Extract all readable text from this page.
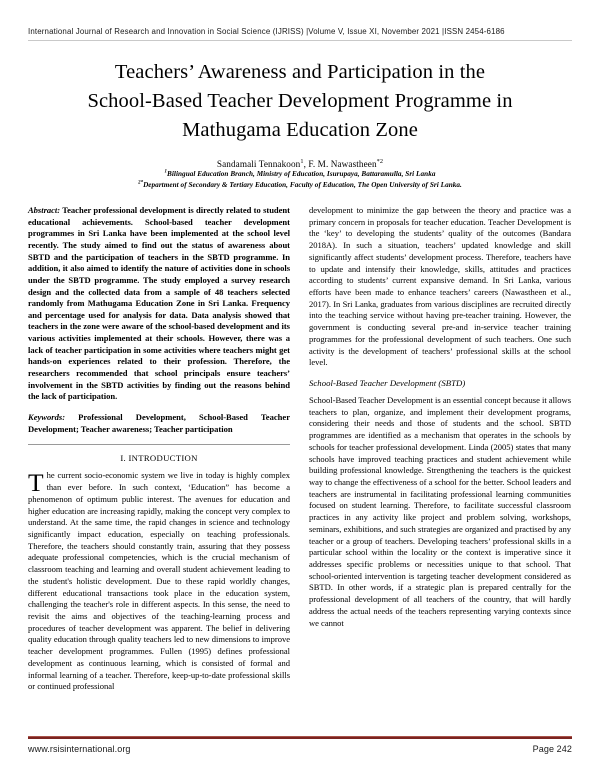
International Journal of Research and Innovation in Social Science (IJRISS) |Volume V, Issue XI, November 2021 |ISSN 2454-6186
Teachers’ Awareness and Participation in the
School-Based Teacher Development Programme in
Mathugama Education Zone
Sandamali Tennakoon$^1$, F. M. Nawastheen$^{*2}$
$^1$Bilingual Education Branch, Ministry of Education, Isurupaya, Battaramulla, Sri Lanka
$^{2*}$Department of Secondary & Tertiary Education, Faculty of Education, The Open University of Sri Lanka.

Abstract: Teacher professional development is directly related to student educational achievements. School-based teacher development programmes in Sri Lanka have been implemented at the school level recently. The study aimed to find out the status of awareness about SBTD and the participation of teachers in the SBTD programme. In addition, it also aimed to identify the nature of activities done in schools under the SBTD programme. The study employed a survey research design and the collected data from a sample of 48 teachers selected randomly from Mathugama Education Zone in Sri Lanka. Frequency and percentage used for analysis for data. Data analysis showed that teachers in the zone were aware of the school-based development and its various activities implemented at their schools. However, there was a lack of teacher participation in some activities where teachers might get hands-on experiences related to their profession. Therefore, the researchers recommended that school principals ensure teachers’ involvement in the SBTD activities by finding out the reasons behind the lack of participation.

Keywords: Professional Development, School-Based Teacher Development; Teacher awareness; Teacher participation

I. INTRODUCTION

The current socio-economic system we live in today is highly complex than ever before. In such context, ‘Education” has become a phenomenon of optimum public interest. The avenues for education and higher education are increasing rapidly, making the concept very complex to understand. At the same time, the rapid changes in science and technology significantly impact education, especially on teaching professionals. Therefore, the teachers should constantly train, assuring that they possess adequate professional competencies, which is the crucial mechanism of classroom teaching and learning and overall student achievement leading to the student's holistic development. Due to these rapid worldly changes, different educational transactions took place in the education system, challenging the teacher's role in different aspects. In this sense, the need to revisit the aims and objectives of the teaching-learning process and procedures of teacher development was apparent. The belief in delivering quality education through quality teachers led to new dimensions to improve teacher development programmes. Fullen (1995) defines professional development as continuous learning, which is consisted of formal and informal learning of a teacher. Therefore, keep-up-to-date professional skills or continued professional

development to minimize the gap between the theory and practice was a primary concern in proposals for teacher education. Teacher Development is the ‘key’ to developing the students’ quality of the outcomes (Bandara 2018A). In such a situation, teachers’ updated knowledge and skill significantly affect students’ development process. Therefore, teachers have to update and intensify their knowledge, skills, attitudes and practices according to students’ current expansive demand. In Sri Lanka, various efforts have been made to enhance teachers’ careers (Nawastheen et al., 2017). In Sri Lanka, graduates from various disciplines are recruited directly into the teaching service without having pre-teacher training. However, the government is conducting several pre-and in-service teacher training programmes for the professional development of such teachers. One such activity is the development of teachers’ professional skills at the school level.

School-Based Teacher Development (SBTD)

School-Based Teacher Development is an essential concept because it allows teachers to plan, organize, and implement their development programs, considering their needs and those of students and the school. SBTD programmes are identified as a mechanism that operates in the schools by schools for teacher professional development. Linda (2005) states that many schools have improved teaching practices and student achievement while building professional knowledge. Strengthening the teachers is the quickest way to change the effectiveness of a school for the better. School leaders and teachers are instrumental in facilitating professional learning communities focused on student learning. Therefore, to facilitate successful classroom practices in any activity like project and problem solving, workshops, seminars, exhibitions, and such strategies are organized and practised by any teacher or a group of teachers. Developing teachers’ professional skills in a particular school within the locality or the context is imperative since it addresses specific problems or necessities unique to that school. That school-oriented intervention is targeting teacher development considered as SBTD. In other words, if a strategic plan is prepared centrally for the professional development of all teachers of the country, that will hardly address the actual needs of the teachers representing varying contexts since we cannot

www.rsisinternational.org	Page 242
